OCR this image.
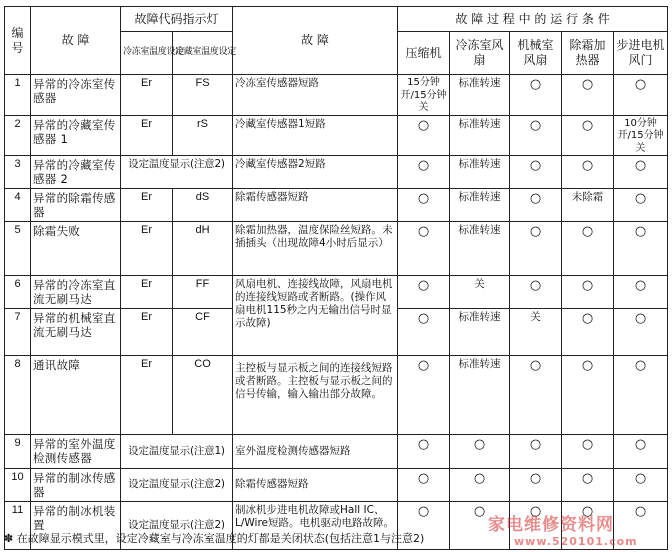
编号	故 障	故障代码指示灯		故 障	故 障 过 程 中 的 运 行 条 件				
		冷冻室温度设定	冷藏室温度设定		压缩机	冷冻室风扇	机械室风扇	除霜加热器	步进电机风门
1	异常的冷冻室传感器	Er	FS	冷冻室传感器短路	15分钟开/15分钟关	标准转速	○	○	○
2	异常的冷藏室传感器 1	Er	rS	冷藏室传感器1短路	○	标准转速	○	○	10分钟开/15分钟关
3	异常的冷藏室传感器 2	设定温度显示(注意2)		冷藏室传感器2短路	○	标准转速	○	○	○
4	异常的除霜传感器	Er	dS	除霜传感器短路	○	标准转速	○	未除霜	○
5	除霜失败	Er	dH	除霜加热器，温度保险丝短路。未插插头（出现故障4小时后显示）	○	标准转速	○	○	○
6	异常的冷冻室直流无刷马达	Er	FF	风扇电机、连接线故障，风扇电机的连接线短路或者断路。(操作风扇电机115秒之内无输出信号时显示故障)	○	关	○	○	○
7	异常的机械室直流无刷马达	Er	CF		○	标准转速	关	○	○
8	通讯故障	Er	CO	主控板与显示板之间的连接线短路或者断路。主控板与显示板之间的信号传输，输入输出部分故障。	○	标准转速	○	○	○
9	异常的室外温度检测传感器	设定温度显示(注意1)		室外温度检测传感器短路	○	○	○	○	○
10	异常的制冰传感器	设定温度显示(注意2)		除霜传感器短路	○	○	○	○	○
11	异常的制冰机装置	设定温度显示(注意2)		制冰机步进电机故障或Hall IC、L/Wire短路。电机驱动电路故障。	○	○	○	○	○
家电维修资料网
www.520101.com
✽ 在故障显示模式里，设定冷藏室与冷冻室温度的灯都是关闭状态(包括注意1与注意2)
